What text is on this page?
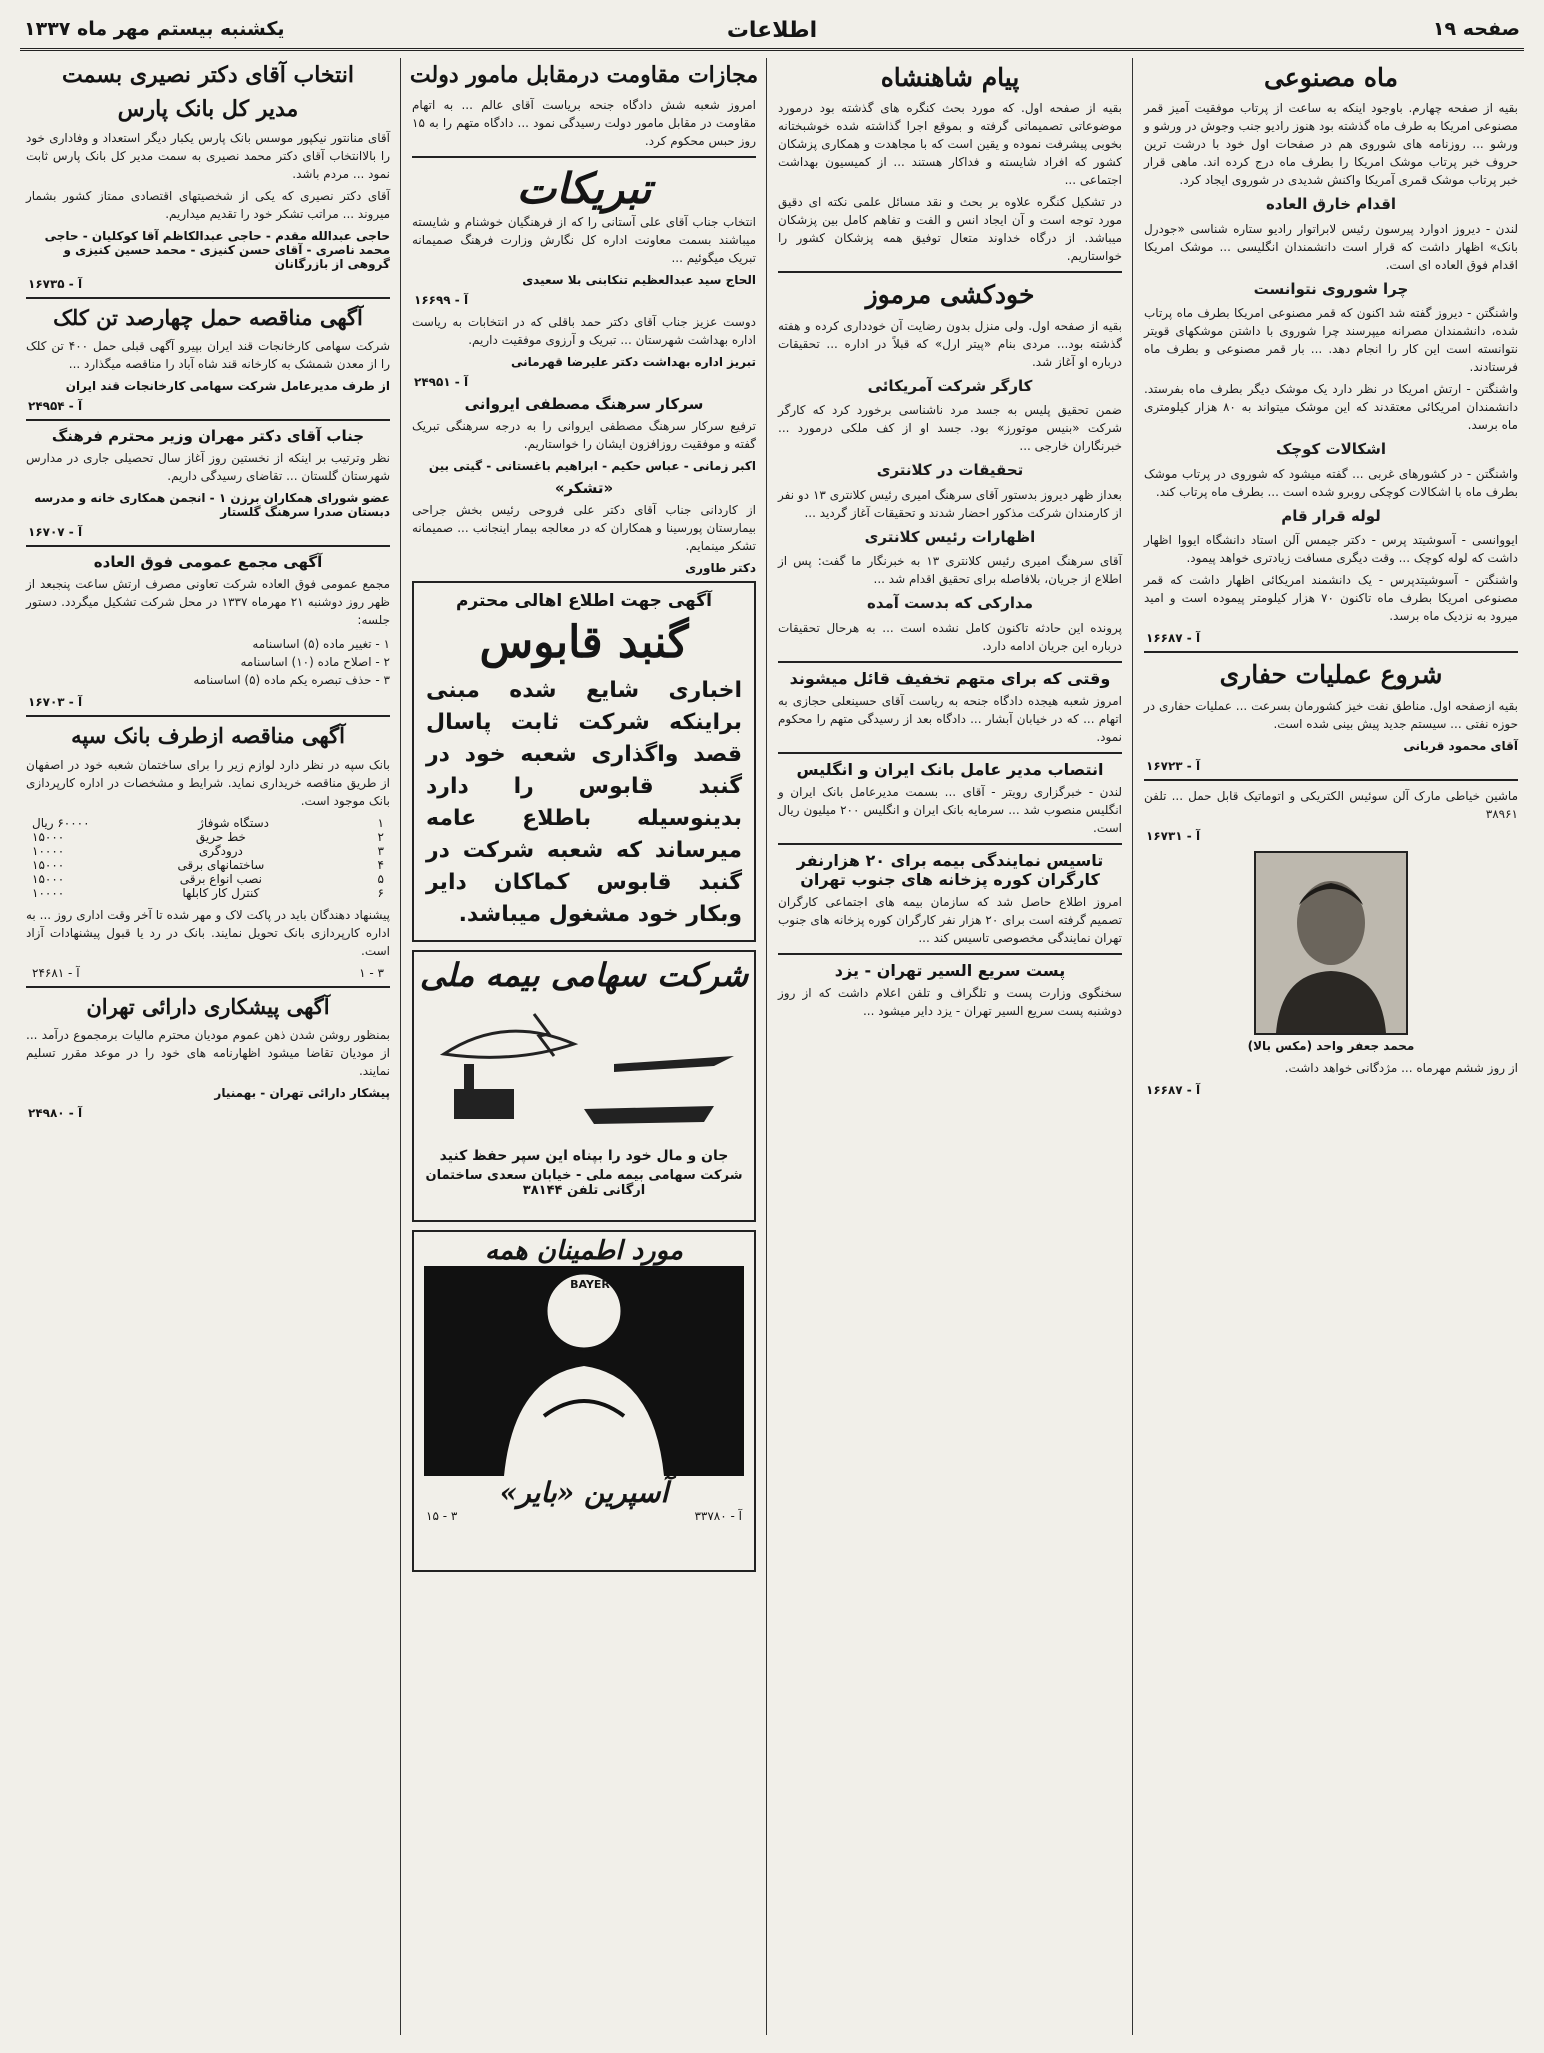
صفحه ۱۹
اطلاعات
یکشنبه بیستم مهر ماه ۱۳۳۷
ماه مصنوعی

بقیه از صفحه چهارم. باوجود اینکه به ساعت از پرتاب موفقیت آمیز قمر مصنوعی امریکا به طرف ماه گذشته بود هنوز رادیو جنب وجوش در ورشو و ورشو ... روزنامه های شوروی هم در صفحات اول خود با درشت ترین حروف خبر پرتاب موشک امریکا را بطرف ماه درج کرده اند. ماهی قرار خبر پرتاب موشک قمری آمریکا واکنش شدیدی در شوروی ایجاد کرد.

اقدام خارق العاده

لندن - دیروز ادوارد پیرسون رئیس لابراتوار رادیو ستاره شناسی «جودرل بانک» اظهار داشت که قرار است دانشمندان انگلیسی ... موشک امریکا اقدام فوق العاده ای است.

چرا شوروی نتوانست

واشنگتن - دیروز گفته شد اکنون که قمر مصنوعی امریکا بطرف ماه پرتاب شده، دانشمندان مصرانه میپرسند چرا شوروی با داشتن موشکهای قویتر نتوانسته است این کار را انجام دهد. ... بار قمر مصنوعی و بطرف ماه فرستادند.

واشنگتن - ارتش امریکا در نظر دارد یک موشک دیگر بطرف ماه بفرستد. دانشمندان امریکائی معتقدند که این موشک میتواند به ۸۰ هزار کیلومتری ماه برسد.

اشکالات کوچک

واشنگتن - در کشورهای غربی ... گفته میشود که شوروی در پرتاب موشک بطرف ماه با اشکالات کوچکی روبرو شده است ... بطرف ماه پرتاب کند.

لوله قرار قام

ایووانسی - آسوشیتد پرس - دکتر جیمس آلن استاد دانشگاه ایووا اظهار داشت که لوله کوچک ... وقت دیگری مسافت زیادتری خواهد پیمود.

واشنگتن - آسوشیتدپرس - یک دانشمند امریکائی اظهار داشت که قمر مصنوعی امریکا بطرف ماه تاکنون ۷۰ هزار کیلومتر پیموده است و امید میرود به نزدیک ماه برسد.

آ - ۱۶۶۸۷
شروع عملیات حفاری
بقیه ازصفحه اول. مناطق نفت خیز کشورمان بسرعت ... عملیات حفاری در حوزه نفتی ... سیستم جدید پیش بینی شده است.
آقای محمود قربانی
آ - ۱۶۷۲۳
ماشین خیاطی مارک آلن سوئیس الکتریکی و اتوماتیک قابل حمل ... تلفن ۳۸۹۶۱
آ - ۱۶۷۳۱
محمد جعفر واحد (مکس بالا)
از روز ششم مهرماه ... مژدگانی خواهد داشت.
آ - ۱۶۶۸۷
پیام شاهنشاه

بقیه از صفحه اول. که مورد بحث کنگره های گذشته بود درمورد موضوعاتی تصمیماتی گرفته و بموقع اجرا گذاشته شده خوشبختانه بخوبی پیشرفت نموده و یقین است که با مجاهدت و همکاری پزشکان کشور که افراد شایسته و فداکار هستند ... از کمیسیون بهداشت اجتماعی ...

در تشکیل کنگره علاوه بر بحث و نقد مسائل علمی نکته ای دقیق مورد توجه است و آن ایجاد انس و الفت و تفاهم کامل بین پزشکان میباشد. از درگاه خداوند متعال توفیق همه پزشکان کشور را خواستاریم.

خودکشی مرموز

بقیه از صفحه اول. ولی منزل بدون رضایت آن خودداری کرده و هفته گذشته بود... مردی بنام «پیتر ارل» که قبلاً در اداره ... تحقیقات درباره او آغاز شد.

کارگر شرکت آمریکائی

ضمن تحقیق پلیس به جسد مرد ناشناسی برخورد کرد که کارگر شرکت «بنیس موتورز» بود. جسد او از کف ملکی درمورد ... خبرنگاران خارجی ...

تحقیقات در کلانتری

بعداز ظهر دیروز بدستور آقای سرهنگ امیری رئیس کلانتری ۱۳ دو نفر از کارمندان شرکت مذکور احضار شدند و تحقیقات آغاز گردید ...

اظهارات رئیس کلانتری

آقای سرهنگ امیری رئیس کلانتری ۱۳ به خبرنگار ما گفت: پس از اطلاع از جریان، بلافاصله برای تحقیق اقدام شد ...

مدارکی که بدست آمده

پرونده این حادثه تاکنون کامل نشده است ... به هرحال تحقیقات درباره این جریان ادامه دارد.

وقتی که برای متهم تخفیف قائل میشوند
امروز شعبه هیجده دادگاه جنحه به ریاست آقای حسینعلی حجازی به اتهام ... که در خیابان آبشار ... دادگاه بعد از رسیدگی متهم را محکوم نمود.
انتصاب مدیر عامل بانک ایران و انگلیس
لندن - خبرگزاری رویتر - آقای ... بسمت مدیرعامل بانک ایران و انگلیس منصوب شد ... سرمایه بانک ایران و انگلیس ۲۰۰ میلیون ریال است.
تاسیس نمایندگی بیمه برای ۲۰ هزارنفر کارگران کوره پزخانه های جنوب تهران
امروز اطلاع حاصل شد که سازمان بیمه های اجتماعی کارگران تصمیم گرفته است برای ۲۰ هزار نفر کارگران کوره پزخانه های جنوب تهران نمایندگی مخصوصی تاسیس کند ...
پست سریع السیر تهران - یزد
سخنگوی وزارت پست و تلگراف و تلفن اعلام داشت که از روز دوشنبه پست سریع السیر تهران - یزد دایر میشود ...
مجازات مقاومت درمقابل مامور دولت
امروز شعبه شش دادگاه جنحه بریاست آقای عالم ... به اتهام مقاومت در مقابل مامور دولت رسیدگی نمود ... دادگاه متهم را به ۱۵ روز حبس محکوم کرد.
تبریکات
انتخاب جناب آقای علی آستانی را که از فرهنگیان خوشنام و شایسته میباشند بسمت معاونت اداره کل نگارش وزارت فرهنگ صمیمانه تبریک میگوئیم ...
الحاج سید عبدالعظیم تنکابنی بلا سعیدی
آ - ۱۶۶۹۹
دوست عزیز جناب آقای دکتر حمد باقلی که در انتخابات به ریاست اداره بهداشت شهرستان ... تبریک و آرزوی موفقیت داریم.
تبریز اداره بهداشت دکتر علیرضا قهرمانی
آ - ۲۴۹۵۱
سرکار سرهنگ مصطفی ایروانی
ترفیع سرکار سرهنگ مصطفی ایروانی را به درجه سرهنگی تبریک گفته و موفقیت روزافزون ایشان را خواستاریم.
اکبر زمانی - عباس حکیم - ابراهیم باغستانی - گیتی بین
«تشکر»
از کاردانی جناب آقای دکتر علی فروحی رئیس بخش جراحی بیمارستان پورسینا و همکاران که در معالجه بیمار اینجانب ... صمیمانه تشکر مینمایم.
دکتر طاوری
آگهی جهت اطلاع اهالی محترم
گنبد قابوس
اخباری شایع شده مبنی براینکه شرکت ثابت پاسال قصد واگذاری شعبه خود در گنبد قابوس را دارد بدینوسیله باطلاع عامه میرساند که شعبه شرکت در گنبد قابوس کماکان دایر وبکار خود مشغول میباشد.
شرکت سهامی بیمه ملی
جان و مال خود را بپناه این سپر حفظ کنید
شرکت سهامی بیمه ملی - خیابان سعدی ساختمان ارگانی تلفن ۳۸۱۴۴
مورد اطمینان همه
BAYER
آسپرین «بایر»
آ - ۳۳۷۸۰
۳ - ۱۵
انتخاب آقای دکتر نصیری بسمت
مدیر کل بانک پارس

آقای منانتور نیکپور موسس بانک پارس یکبار دیگر استعداد و وفاداری خود را بالاانتخاب آقای دکتر محمد نصیری به سمت مدیر کل بانک پارس ثابت نمود ... مردم باشد.

آقای دکتر نصیری که یکی از شخصیتهای اقتصادی ممتاز کشور بشمار میروند ... مراتب تشکر خود را تقدیم میداریم.

حاجی عبدالله مقدم - حاجی عبدالکاظم آقا کوکلیان - حاجی محمد ناصری - آقای حسن کنیزی - محمد حسین کنیزی و گروهی از بازرگانان
آ - ۱۶۷۳۵
آگهی مناقصه حمل چهارصد تن کلک
شرکت سهامی کارخانجات قند ایران بپیرو آگهی قبلی حمل ۴۰۰ تن کلک را از معدن شمشک به کارخانه قند شاه آباد را مناقصه میگذارد ...
از طرف مدیرعامل شرکت سهامی کارخانجات قند ایران
آ - ۲۴۹۵۴
جناب آقای دکتر مهران وزیر محترم فرهنگ
نظر وترتیب بر اینکه از نخستین روز آغاز سال تحصیلی جاری در مدارس شهرستان گلستان ... تقاضای رسیدگی داریم.
عضو شورای همکاران برزن ۱ - انجمن همکاری خانه و مدرسه دبستان صدرا سرهنگ گلستار
آ - ۱۶۷۰۷
آگهی مجمع عمومی فوق العاده
مجمع عمومی فوق العاده شرکت تعاونی مصرف ارتش ساعت پنجبعد از ظهر روز دوشنبه ۲۱ مهرماه ۱۳۳۷ در محل شرکت تشکیل میگردد. دستور جلسه:
۱ - تغییر ماده (۵) اساسنامه
۲ - اصلاح ماده (۱۰) اساسنامه
۳ - حذف تبصره یکم ماده (۵) اساسنامه
آ - ۱۶۷۰۳
آگهی مناقصه ازطرف بانک سپه
بانک سپه در نظر دارد لوازم زیر را برای ساختمان شعبه خود در اصفهان از طریق مناقصه خریداری نماید. شرایط و مشخصات در اداره کارپردازی بانک موجود است.
۱
دستگاه شوفاژ
۶۰۰۰۰ ریال
۲
خط حریق
۱۵۰۰۰
۳
درودگری
۱۰۰۰۰
۴
ساختمانهای برقی
۱۵۰۰۰
۵
نصب انواع برقی
۱۵۰۰۰
۶
کنترل کار کابلها
۱۰۰۰۰
پیشنهاد دهندگان باید در پاکت لاک و مهر شده تا آخر وقت اداری روز ... به اداره کارپردازی بانک تحویل نمایند. بانک در رد یا قبول پیشنهادات آزاد است.
۳ - ۱
آ - ۲۴۶۸۱
آگهی پیشکاری دارائی تهران
بمنظور روشن شدن ذهن عموم مودیان محترم مالیات برمجموع درآمد ... از مودیان تقاضا میشود اظهارنامه های خود را در موعد مقرر تسلیم نمایند.
پیشکار دارائی تهران - بهمنیار
آ - ۲۴۹۸۰
